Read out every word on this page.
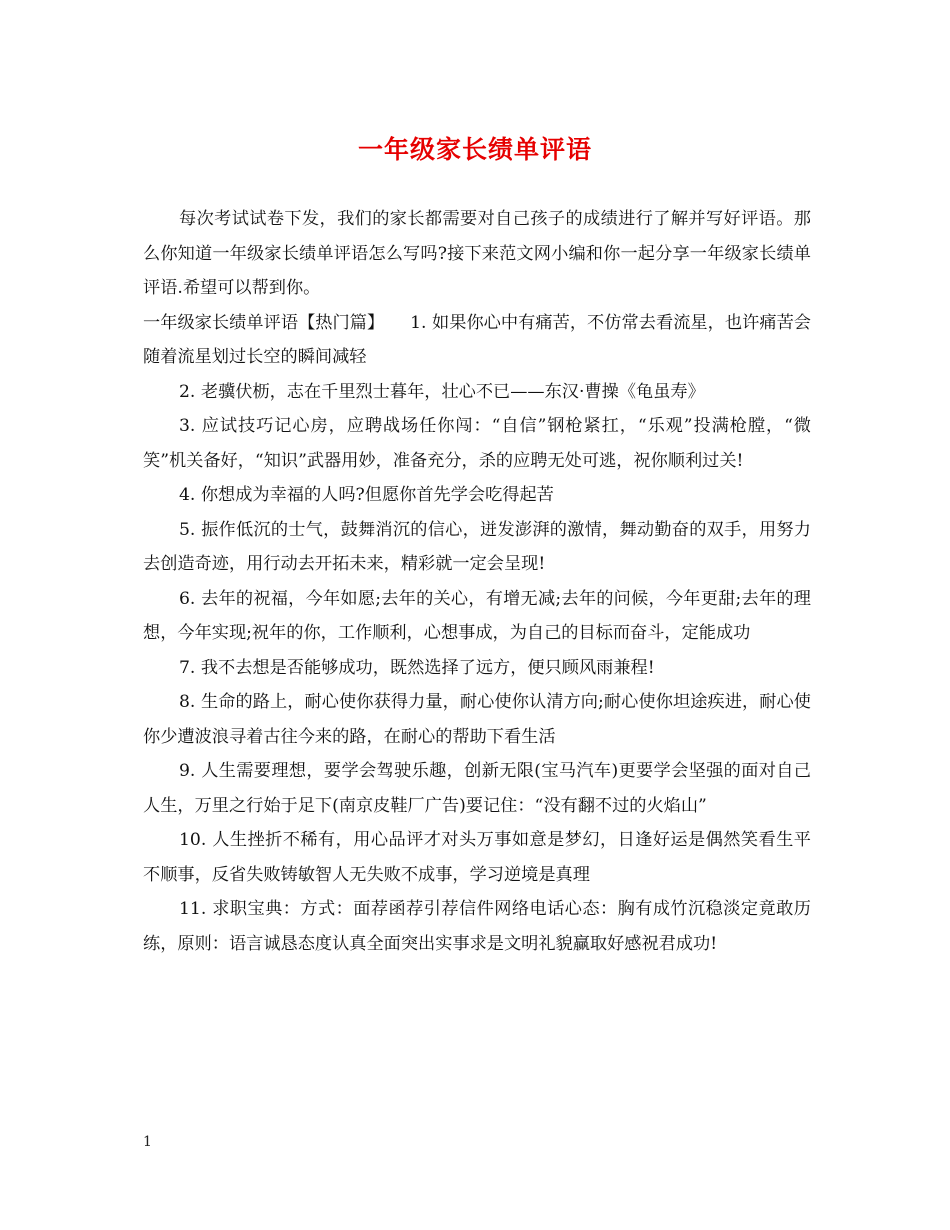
一年级家长绩单评语

每次考试试卷下发，我们的家长都需要对自己孩子的成绩进行了解并写好评语。那么你知道一年级家长绩单评语怎么写吗?接下来范文网小编和你一起分享一年级家长绩单评语.希望可以帮到你。

一年级家长绩单评语【热门篇】　　1. 如果你心中有痛苦，不仿常去看流星，也许痛苦会随着流星划过长空的瞬间减轻

2. 老骥伏枥，志在千里烈士暮年，壮心不已——东汉·曹操《龟虽寿》

3. 应试技巧记心房，应聘战场任你闯：“自信”钢枪紧扛，“乐观”投满枪膛，“微笑”机关备好，“知识”武器用妙，准备充分，杀的应聘无处可逃，祝你顺利过关!

4. 你想成为幸福的人吗?但愿你首先学会吃得起苦

5. 振作低沉的士气，鼓舞消沉的信心，迸发澎湃的激情，舞动勤奋的双手，用努力去创造奇迹，用行动去开拓未来，精彩就一定会呈现!

6. 去年的祝福，今年如愿;去年的关心，有增无减;去年的问候，今年更甜;去年的理想，今年实现;祝年的你，工作顺利，心想事成，为自己的目标而奋斗，定能成功

7. 我不去想是否能够成功，既然选择了远方，便只顾风雨兼程!

8. 生命的路上，耐心使你获得力量，耐心使你认清方向;耐心使你坦途疾进，耐心使你少遭波浪寻着古往今来的路，在耐心的帮助下看生活

9. 人生需要理想，要学会驾驶乐趣，创新无限(宝马汽车)更要学会坚强的面对自己人生，万里之行始于足下(南京皮鞋厂广告)要记住：“没有翻不过的火焰山”

10. 人生挫折不稀有，用心品评才对头万事如意是梦幻，日逢好运是偶然笑看生平不顺事，反省失败铸敏智人无失败不成事，学习逆境是真理

11. 求职宝典：方式：面荐函荐引荐信件网络电话心态：胸有成竹沉稳淡定竟敢历练，原则：语言诚恳态度认真全面突出实事求是文明礼貌赢取好感祝君成功!

1
